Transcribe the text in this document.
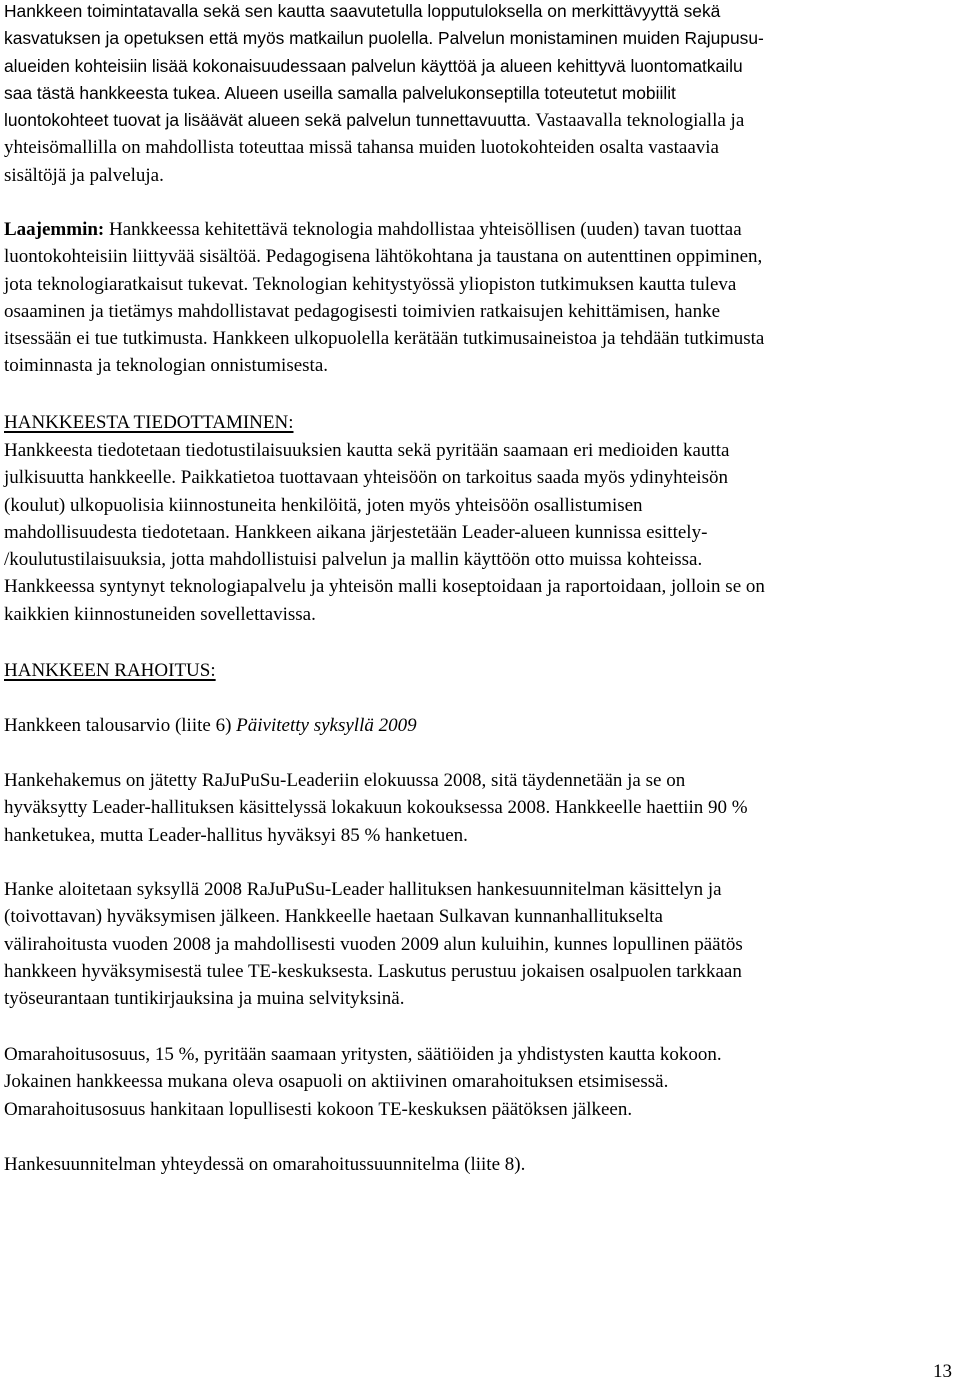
Hankkeen toimintatavalla sekä sen kautta saavutetulla lopputuloksella on merkittävyyttä sekä
kasvatuksen ja opetuksen että myös matkailun puolella. Palvelun monistaminen muiden Rajupusu-
alueiden kohteisiin lisää kokonaisuudessaan palvelun käyttöä ja alueen kehittyvä luontomatkailu
saa tästä hankkeesta tukea. Alueen useilla samalla palvelukonseptilla toteutetut mobiilit
luontokohteet tuovat ja lisäävät alueen sekä palvelun tunnettavuutta. Vastaavalla teknologialla ja
yhteisömallilla on mahdollista toteuttaa missä tahansa muiden luotokohteiden osalta vastaavia
sisältöjä ja palveluja.
Laajemmin: Hankkeessa kehitettävä teknologia mahdollistaa yhteisöllisen (uuden) tavan tuottaa
luontokohteisiin liittyvää sisältöä. Pedagogisena lähtökohtana ja taustana on autenttinen oppiminen,
jota teknologiaratkaisut tukevat. Teknologian kehitystyössä yliopiston tutkimuksen kautta tuleva
osaaminen ja tietämys mahdollistavat pedagogisesti toimivien ratkaisujen kehittämisen, hanke
itsessään ei tue tutkimusta. Hankkeen ulkopuolella kerätään tutkimusaineistoa ja tehdään tutkimusta
toiminnasta ja teknologian onnistumisesta.
HANKKEESTA TIEDOTTAMINEN:
Hankkeesta tiedotetaan tiedotustilaisuuksien kautta sekä pyritään saamaan eri medioiden kautta
julkisuutta hankkeelle. Paikkatietoa tuottavaan yhteisöön on tarkoitus saada myös ydinyhteisön
(koulut) ulkopuolisia kiinnostuneita henkilöitä, joten myös yhteisöön osallistumisen
mahdollisuudesta tiedotetaan. Hankkeen aikana järjestetään Leader-alueen kunnissa esittely-
/koulutustilaisuuksia, jotta mahdollistuisi palvelun ja mallin käyttöön otto muissa kohteissa.
Hankkeessa syntynyt teknologiapalvelu ja yhteisön malli koseptoidaan ja raportoidaan, jolloin se on
kaikkien kiinnostuneiden sovellettavissa.
HANKKEEN RAHOITUS:
Hankkeen talousarvio (liite 6) Päivitetty syksyllä 2009
Hankehakemus on jätetty RaJuPuSu-Leaderiin elokuussa 2008, sitä täydennetään ja se on
hyväksytty Leader-hallituksen käsittelyssä lokakuun kokouksessa 2008. Hankkeelle haettiin 90 %
hanketukea, mutta Leader-hallitus hyväksyi 85 % hanketuen.
Hanke aloitetaan syksyllä 2008 RaJuPuSu-Leader hallituksen hankesuunnitelman käsittelyn ja
(toivottavan) hyväksymisen jälkeen. Hankkeelle haetaan Sulkavan kunnanhallitukselta
välirahoitusta vuoden 2008 ja mahdollisesti vuoden 2009 alun kuluihin, kunnes lopullinen päätös
hankkeen hyväksymisestä tulee TE-keskuksesta. Laskutus perustuu jokaisen osalpuolen tarkkaan
työseurantaan tuntikirjauksina ja muina selvityksinä.
Omarahoitusosuus, 15 %, pyritään saamaan yritysten, säätiöiden ja yhdistysten kautta kokoon.
Jokainen hankkeessa mukana oleva osapuoli on aktiivinen omarahoituksen etsimisessä.
Omarahoitusosuus hankitaan lopullisesti kokoon TE-keskuksen päätöksen jälkeen.
Hankesuunnitelman yhteydessä on omarahoitussuunnitelma (liite 8).
13
